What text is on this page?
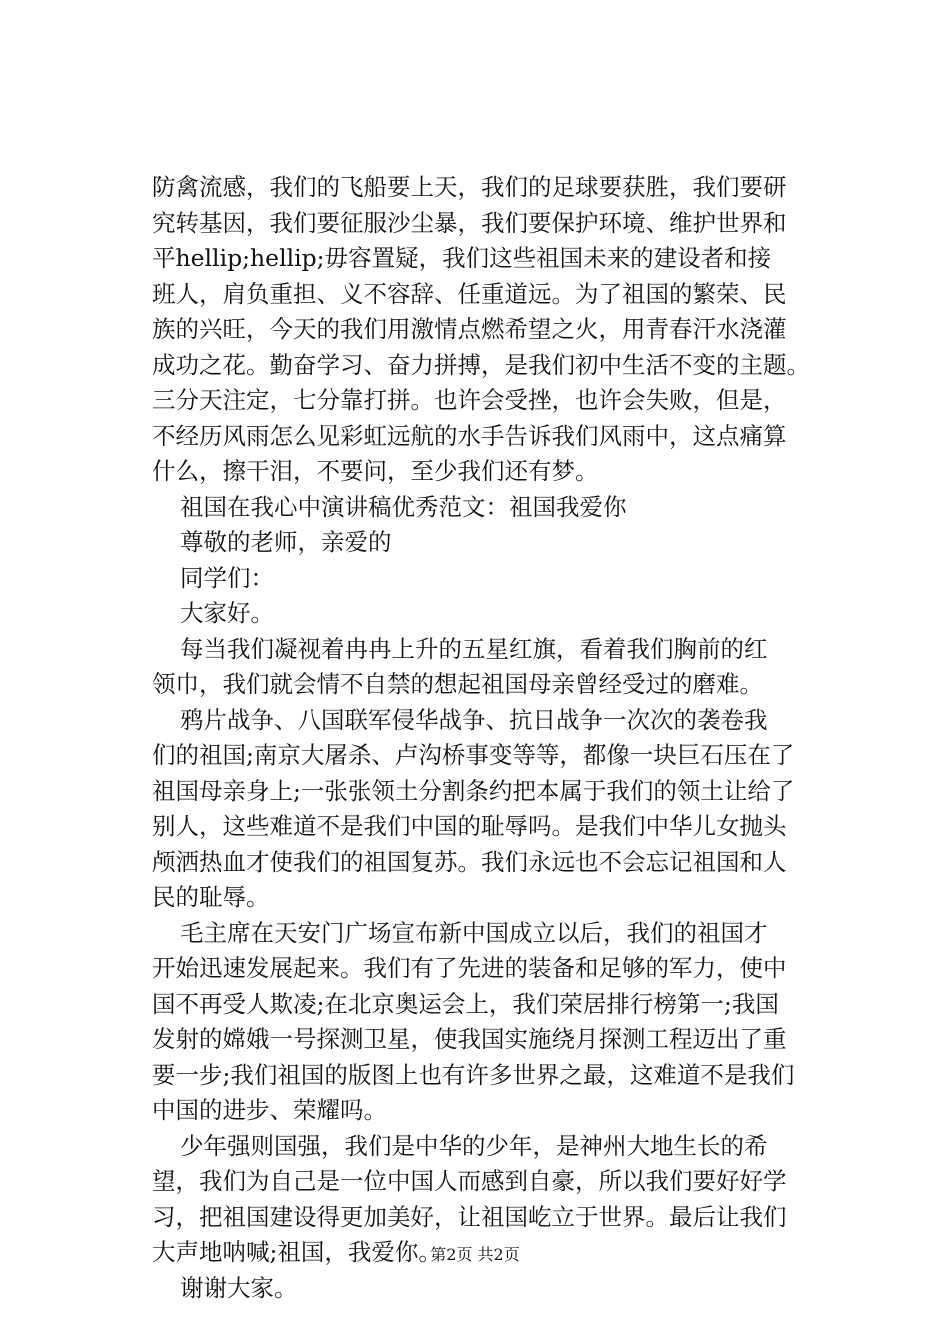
防禽流感，我们的飞船要上天，我们的足球要获胜，我们要研
究转基因，我们要征服沙尘暴，我们要保护环境、维护世界和
平hellip;hellip;毋容置疑，我们这些祖国未来的建设者和接
班人，肩负重担、义不容辞、任重道远。为了祖国的繁荣、民
族的兴旺，今天的我们用激情点燃希望之火，用青春汗水浇灌
成功之花。勤奋学习、奋力拼搏，是我们初中生活不变的主题。
三分天注定，七分靠打拼。也许会受挫，也许会失败，但是，
不经历风雨怎么见彩虹远航的水手告诉我们风雨中，这点痛算
什么，擦干泪，不要问，至少我们还有梦。
祖国在我心中演讲稿优秀范文：祖国我爱你
尊敬的老师，亲爱的
同学们：
大家好。
每当我们凝视着冉冉上升的五星红旗，看着我们胸前的红
领巾，我们就会情不自禁的想起祖国母亲曾经受过的磨难。
鸦片战争、八国联军侵华战争、抗日战争一次次的袭卷我
们的祖国;南京大屠杀、卢沟桥事变等等，都像一块巨石压在了
祖国母亲身上;一张张领土分割条约把本属于我们的领土让给了
别人，这些难道不是我们中国的耻辱吗。是我们中华儿女抛头
颅洒热血才使我们的祖国复苏。我们永远也不会忘记祖国和人
民的耻辱。
毛主席在天安门广场宣布新中国成立以后，我们的祖国才
开始迅速发展起来。我们有了先进的装备和足够的军力，使中
国不再受人欺凌;在北京奥运会上，我们荣居排行榜第一;我国
发射的嫦娥一号探测卫星，使我国实施绕月探测工程迈出了重
要一步;我们祖国的版图上也有许多世界之最，这难道不是我们
中国的进步、荣耀吗。
少年强则国强，我们是中华的少年，是神州大地生长的希
望，我们为自己是一位中国人而感到自豪，所以我们要好好学
习，把祖国建设得更加美好，让祖国屹立于世界。最后让我们
大声地呐喊;祖国，我爱你。
谢谢大家。
第2页 共2页
